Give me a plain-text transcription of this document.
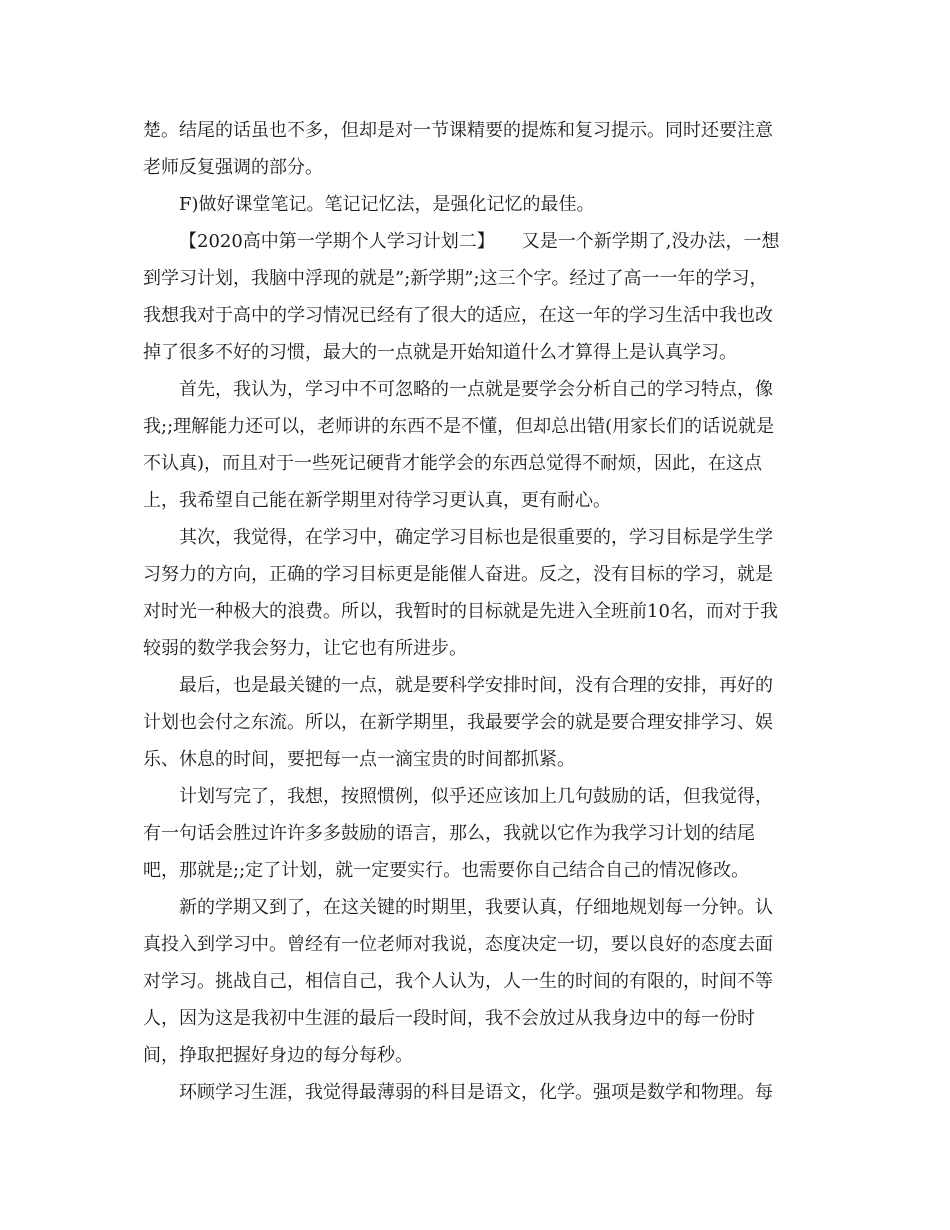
楚。结尾的话虽也不多，但却是对一节课精要的提炼和复习提示。同时还要注意
老师反复强调的部分。
F)做好课堂笔记。笔记记忆法，是强化记忆的最佳。
【2020高中第一学期个人学习计划二】　　又是一个新学期了,没办法，一想
到学习计划，我脑中浮现的就是”;新学期”;这三个字。经过了高一一年的学习，
我想我对于高中的学习情况已经有了很大的适应，在这一年的学习生活中我也改
掉了很多不好的习惯，最大的一点就是开始知道什么才算得上是认真学习。
首先，我认为，学习中不可忽略的一点就是要学会分析自己的学习特点，像
我;;理解能力还可以，老师讲的东西不是不懂，但却总出错(用家长们的话说就是
不认真)，而且对于一些死记硬背才能学会的东西总觉得不耐烦，因此，在这点
上，我希望自己能在新学期里对待学习更认真，更有耐心。
其次，我觉得，在学习中，确定学习目标也是很重要的，学习目标是学生学
习努力的方向，正确的学习目标更是能催人奋进。反之，没有目标的学习，就是
对时光一种极大的浪费。所以，我暂时的目标就是先进入全班前10名，而对于我
较弱的数学我会努力，让它也有所进步。
最后，也是最关键的一点，就是要科学安排时间，没有合理的安排，再好的
计划也会付之东流。所以，在新学期里，我最要学会的就是要合理安排学习、娱
乐、休息的时间，要把每一点一滴宝贵的时间都抓紧。
计划写完了，我想，按照惯例，似乎还应该加上几句鼓励的话，但我觉得，
有一句话会胜过许许多多鼓励的语言，那么，我就以它作为我学习计划的结尾
吧，那就是;;定了计划，就一定要实行。也需要你自己结合自己的情况修改。
新的学期又到了，在这关键的时期里，我要认真，仔细地规划每一分钟。认
真投入到学习中。曾经有一位老师对我说，态度决定一切，要以良好的态度去面
对学习。挑战自己，相信自己，我个人认为，人一生的时间的有限的，时间不等
人，因为这是我初中生涯的最后一段时间，我不会放过从我身边中的每一份时
间，挣取把握好身边的每分每秒。
环顾学习生涯，我觉得最薄弱的科目是语文，化学。强项是数学和物理。每
